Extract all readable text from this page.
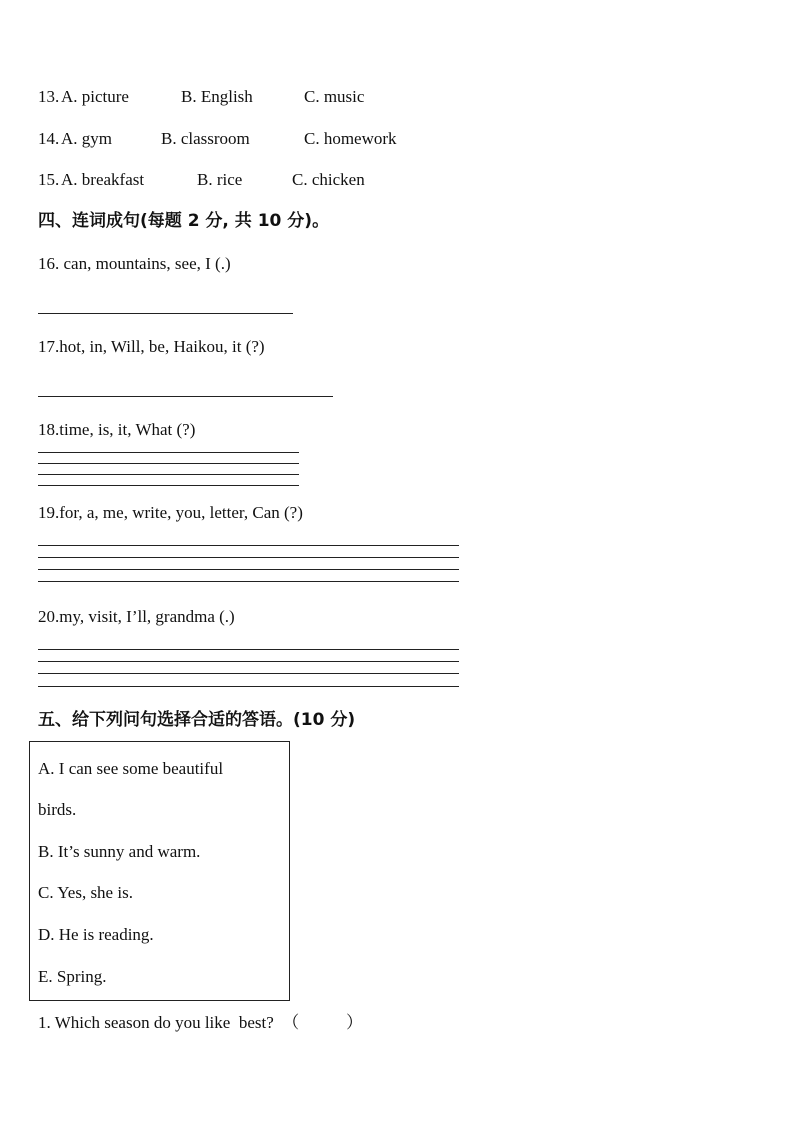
13. A. picture	B. English	C. music
14. A. gym	B. classroom	C. homework
15. A. breakfast	B. rice	C. chicken
四、连词成句(每题 2 分, 共 10 分)。
16. can, mountains, see, I (.)
17.hot, in, Will, be, Haikou, it (?)
18.time, is, it, What (?)
19.for, a, me, write, you, letter, Can (?)
20.my, visit, I’ll, grandma (.)
五、给下列问句选择合适的答语。(10 分)
A. I can see some beautiful
birds.
B. It’s sunny and warm.
C. Yes, she is.
D. He is reading.
E. Spring.
1. Which season do you like  best?  （           ）
